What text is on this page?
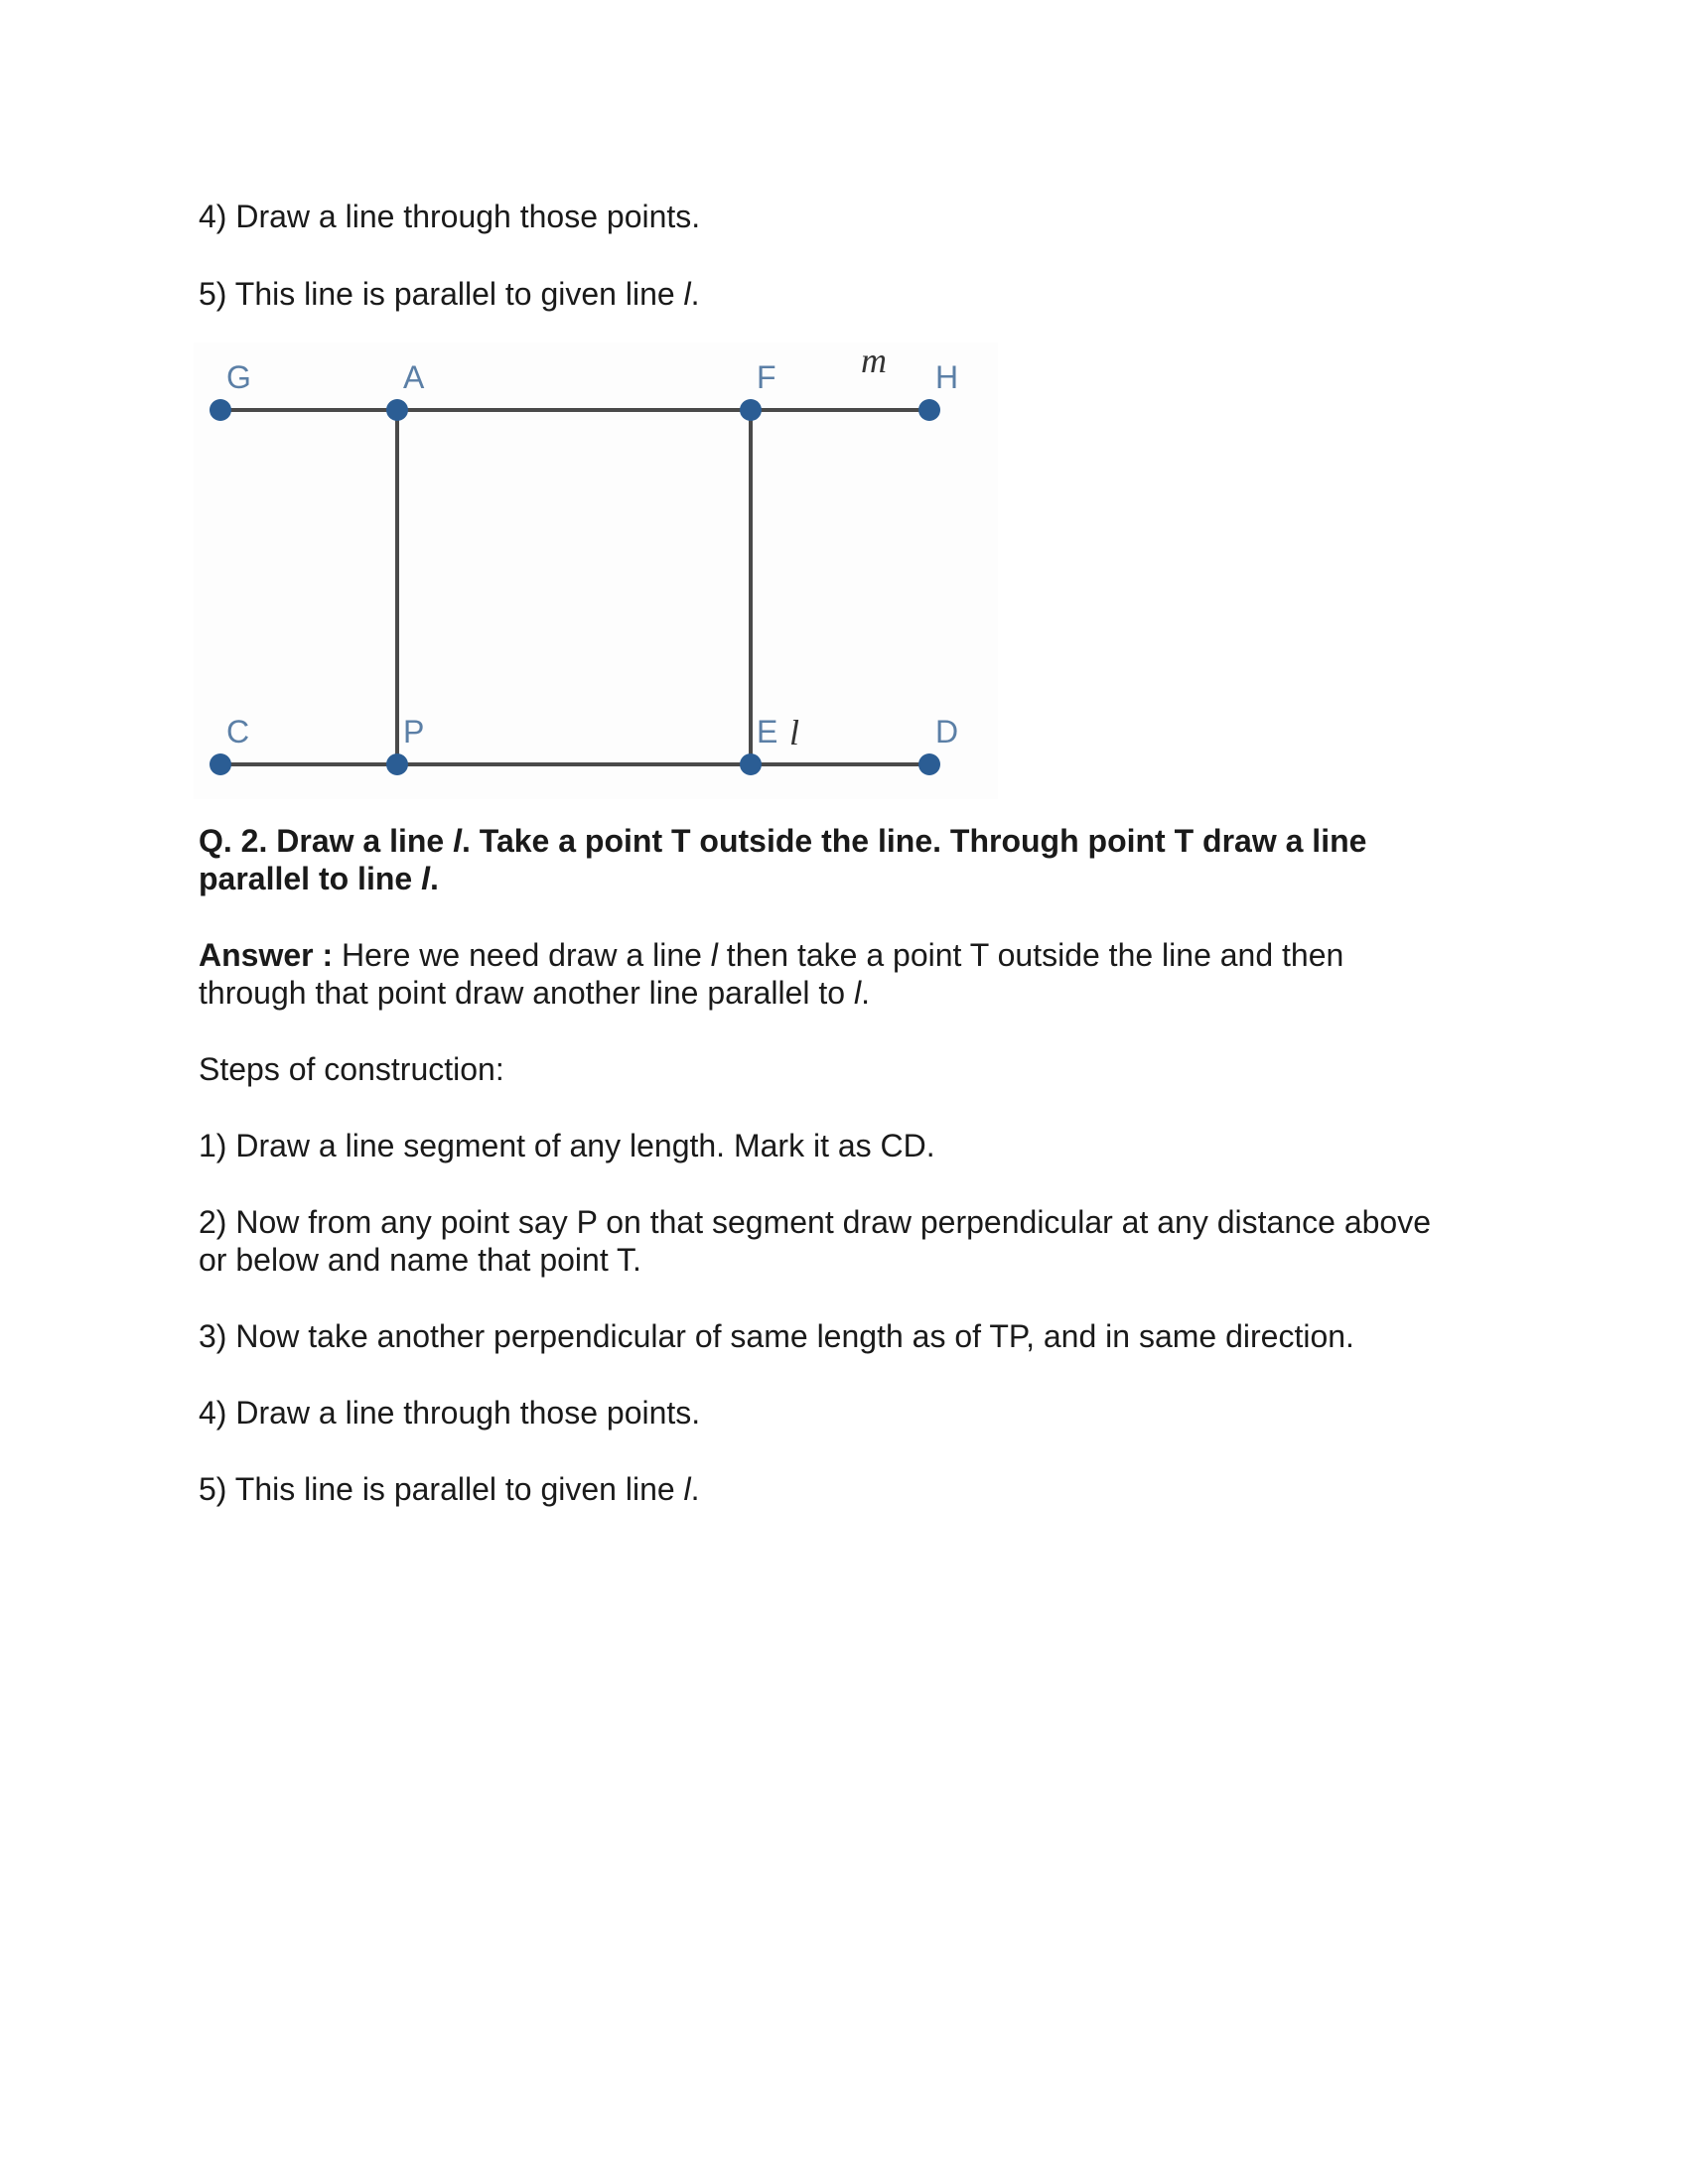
4) Draw a line through those points.
5) This line is parallel to given line l.
G	A	F m H
C	P	E l	D
Q. 2. Draw a line l. Take a point T outside the line. Through point T draw a line
parallel to line l.
Answer : Here we need draw a line l then take a point T outside the line and then
through that point draw another line parallel to l.
Steps of construction:
1) Draw a line segment of any length. Mark it as CD.
2) Now from any point say P on that segment draw perpendicular at any distance above
or below and name that point T.
3) Now take another perpendicular of same length as of TP, and in same direction.
4) Draw a line through those points.
5) This line is parallel to given line l.
